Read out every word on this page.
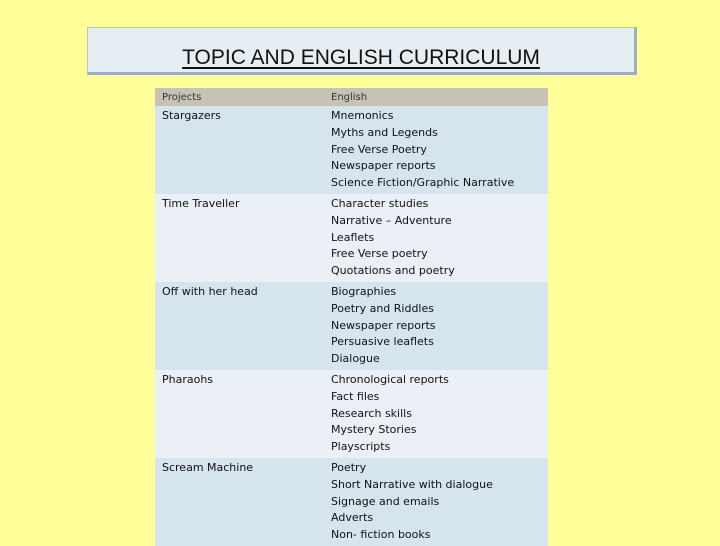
TOPIC AND ENGLISH CURRICULUM
Projects	English
Stargazers	Mnemonics
Myths and Legends
Free Verse Poetry
Newspaper reports
Science Fiction/Graphic Narrative

Time Traveller	Character studies
Narrative – Adventure
Leaflets
Free Verse poetry
Quotations and poetry

Off with her head	Biographies
Poetry and Riddles
Newspaper reports
Persuasive leaflets
Dialogue

Pharaohs	Chronological reports
Fact files
Research skills
Mystery Stories
Playscripts

Scream Machine	Poetry
Short Narrative with dialogue
Signage and emails
Adverts
Non- fiction books
